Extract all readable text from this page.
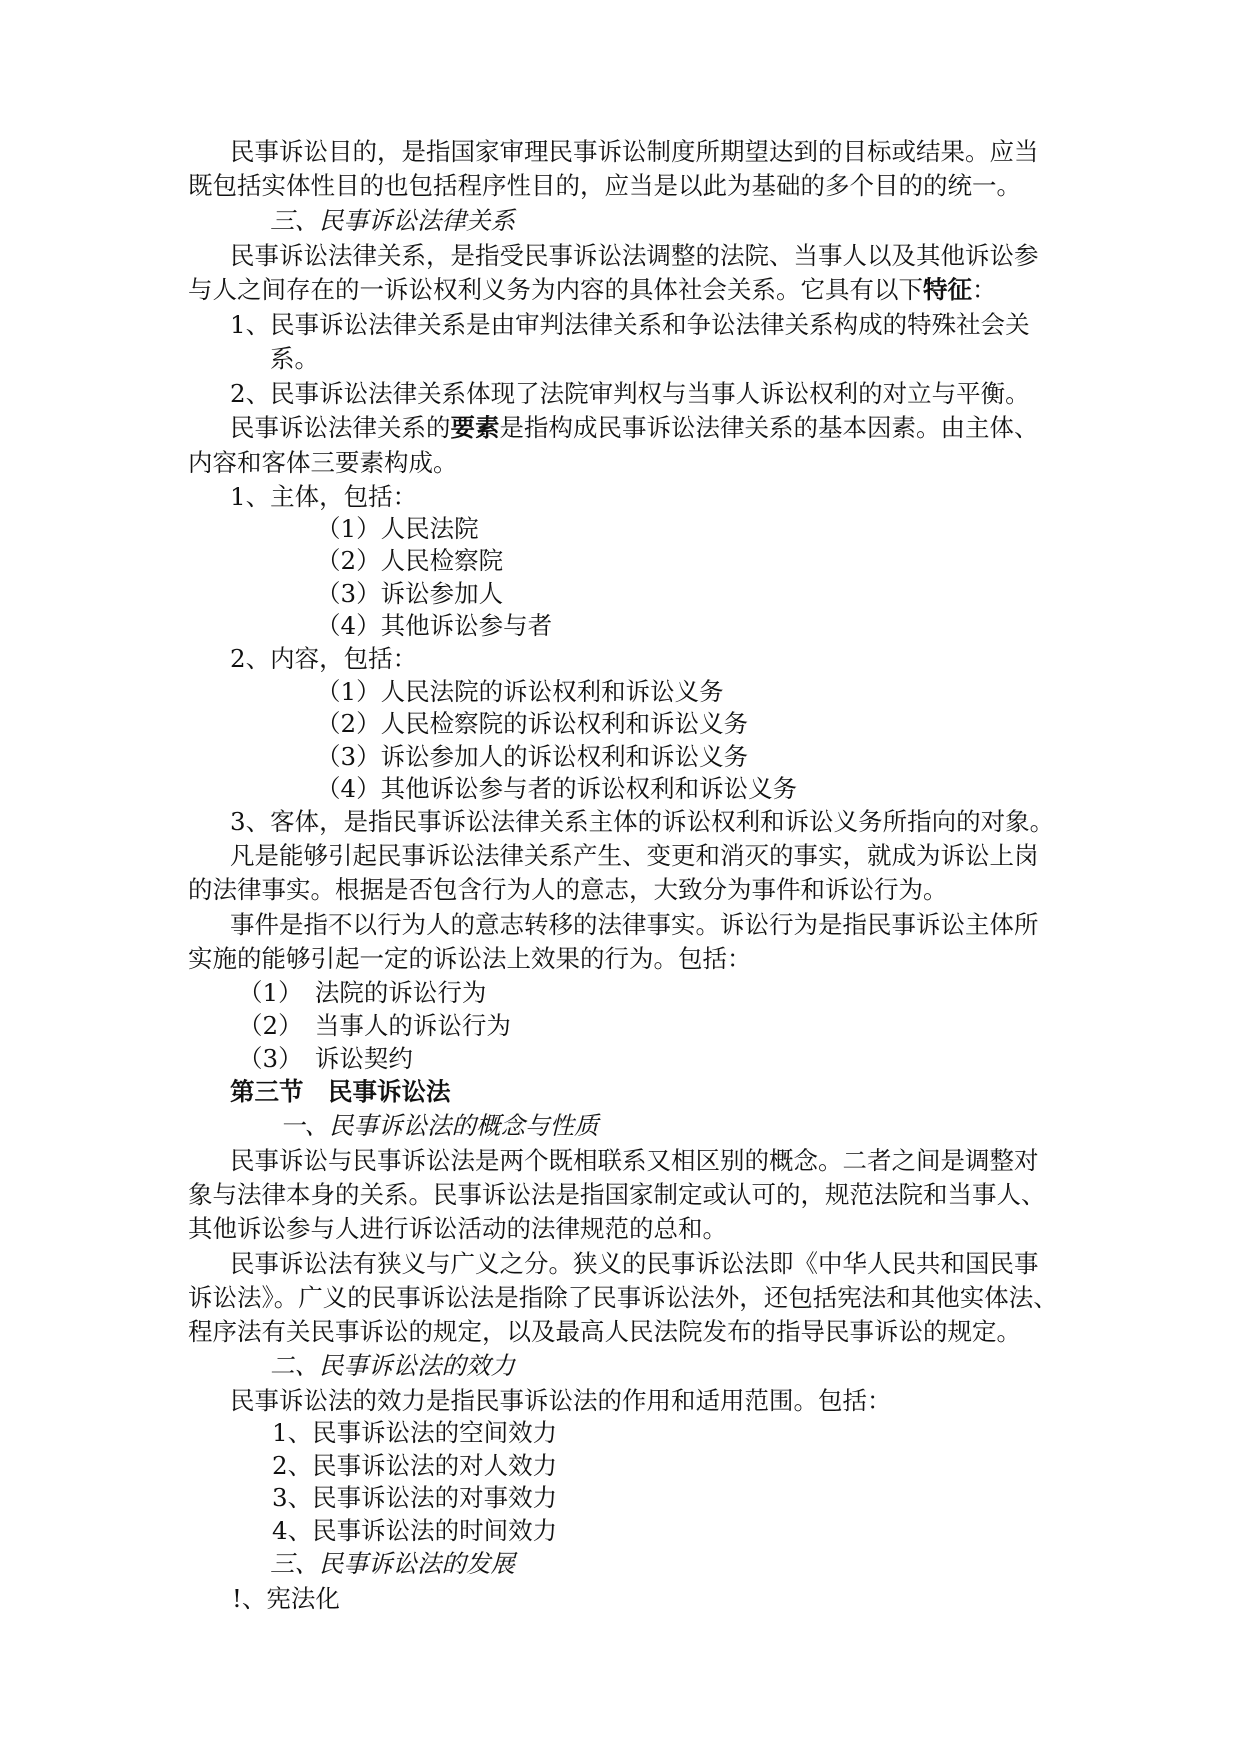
民事诉讼目的，是指国家审理民事诉讼制度所期望达到的目标或结果。应当
既包括实体性目的也包括程序性目的，应当是以此为基础的多个目的的统一。
三、民事诉讼法律关系
民事诉讼法律关系，是指受民事诉讼法调整的法院、当事人以及其他诉讼参
与人之间存在的一诉讼权利义务为内容的具体社会关系。它具有以下特征：
1、民事诉讼法律关系是由审判法律关系和争讼法律关系构成的特殊社会关
系。
2、民事诉讼法律关系体现了法院审判权与当事人诉讼权利的对立与平衡。
民事诉讼法律关系的要素是指构成民事诉讼法律关系的基本因素。由主体、
内容和客体三要素构成。
1、主体，包括：
（1）人民法院
（2）人民检察院
（3）诉讼参加人
（4）其他诉讼参与者
2、内容，包括：
（1）人民法院的诉讼权利和诉讼义务
（2）人民检察院的诉讼权利和诉讼义务
（3）诉讼参加人的诉讼权利和诉讼义务
（4）其他诉讼参与者的诉讼权利和诉讼义务
3、客体，是指民事诉讼法律关系主体的诉讼权利和诉讼义务所指向的对象。
凡是能够引起民事诉讼法律关系产生、变更和消灭的事实，就成为诉讼上岗
的法律事实。根据是否包含行为人的意志，大致分为事件和诉讼行为。
事件是指不以行为人的意志转移的法律事实。诉讼行为是指民事诉讼主体所
实施的能够引起一定的诉讼法上效果的行为。包括：
（1）　法院的诉讼行为
（2）　当事人的诉讼行为
（3）　诉讼契约
第三节　民事诉讼法
一、民事诉讼法的概念与性质
民事诉讼与民事诉讼法是两个既相联系又相区别的概念。二者之间是调整对
象与法律本身的关系。民事诉讼法是指国家制定或认可的，规范法院和当事人、
其他诉讼参与人进行诉讼活动的法律规范的总和。
民事诉讼法有狭义与广义之分。狭义的民事诉讼法即《中华人民共和国民事
诉讼法》。广义的民事诉讼法是指除了民事诉讼法外，还包括宪法和其他实体法、
程序法有关民事诉讼的规定，以及最高人民法院发布的指导民事诉讼的规定。
二、民事诉讼法的效力
民事诉讼法的效力是指民事诉讼法的作用和适用范围。包括：
1、民事诉讼法的空间效力
2、民事诉讼法的对人效力
3、民事诉讼法的对事效力
4、民事诉讼法的时间效力
三、民事诉讼法的发展
!、宪法化
